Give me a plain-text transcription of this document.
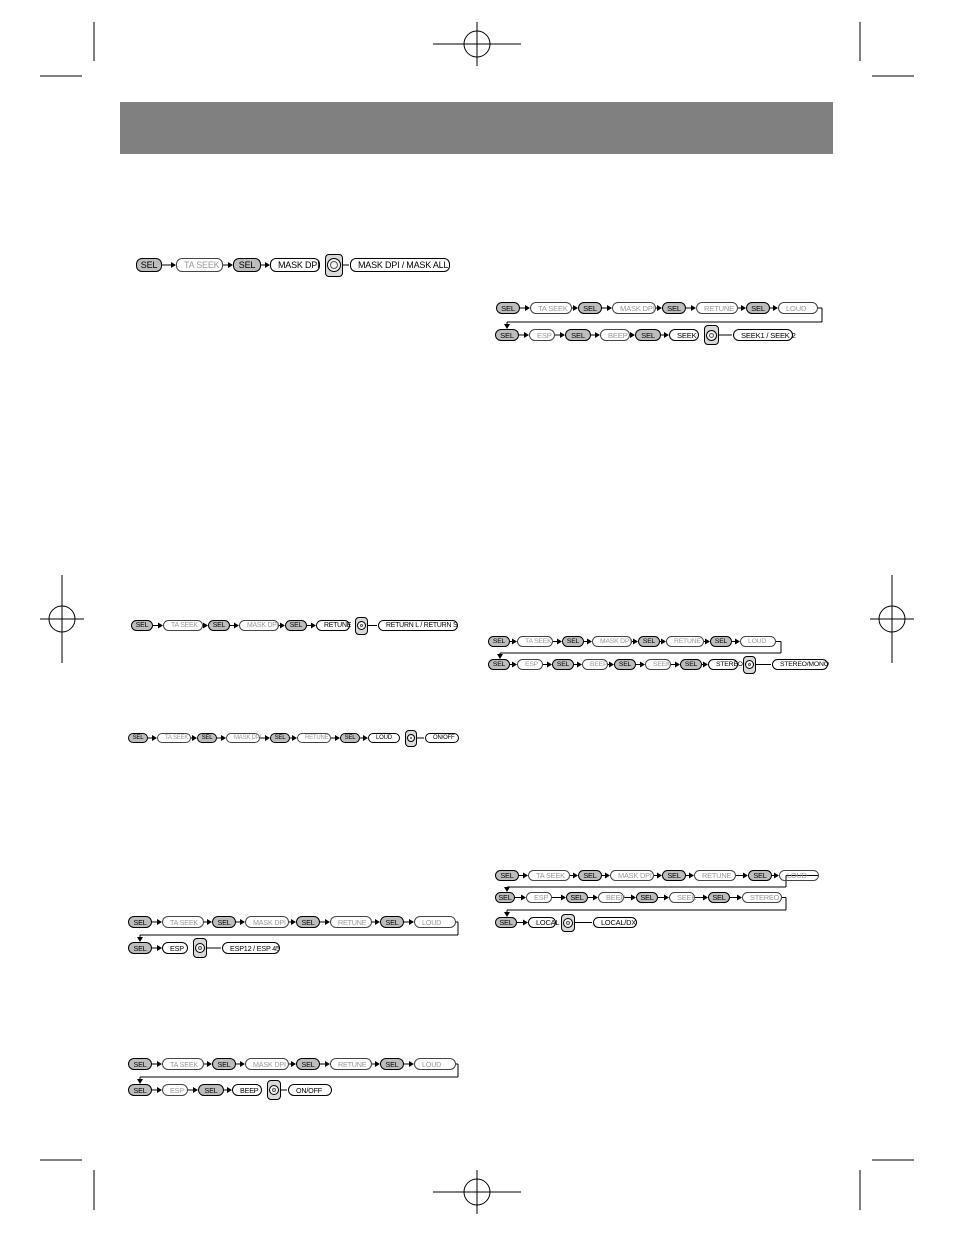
SEL	TA SEEK	SEL	MASK DPI	MASK DPI / MASK ALL
SEL	TA SEEK	SEL	MASK DPI	SEL	RETUNE	SEL	LOUD
SEL	ESP	SEL	BEEP	SEL	SEEK	SEEK1 / SEEK 2
SEL	TA SEEK	SEL	MASK DPI	SEL	RETUNE	RETURN L / RETURN S
SEL	TA SEEK	SEL	MASK DPI	SEL	RETUNE	SEL	LOUD
SEL	ESP	SEL	BEEP	SEL	SEEK	SEL	STEREO	STEREO/MONO
SEL	TA SEEK	SEL	MASK DPI	SEL	RETUNE	SEL	LOUD	ON/OFF
SEL	TA SEEK	SEL	MASK DPI	SEL	RETUNE	SEL	LOUD
SEL	ESP	SEL	BEEP	SEL	SEEK	SEL	STEREO
SEL	LOCAL	LOCAL/DX
SEL	TA SEEK	SEL	MASK DPI	SEL	RETUNE	SEL	LOUD
SEL	ESP	ESP12 / ESP 45
SEL	TA SEEK	SEL	MASK DPI	SEL	RETUNE	SEL	LOUD
SEL	ESP	SEL	BEEP	ON/OFF
